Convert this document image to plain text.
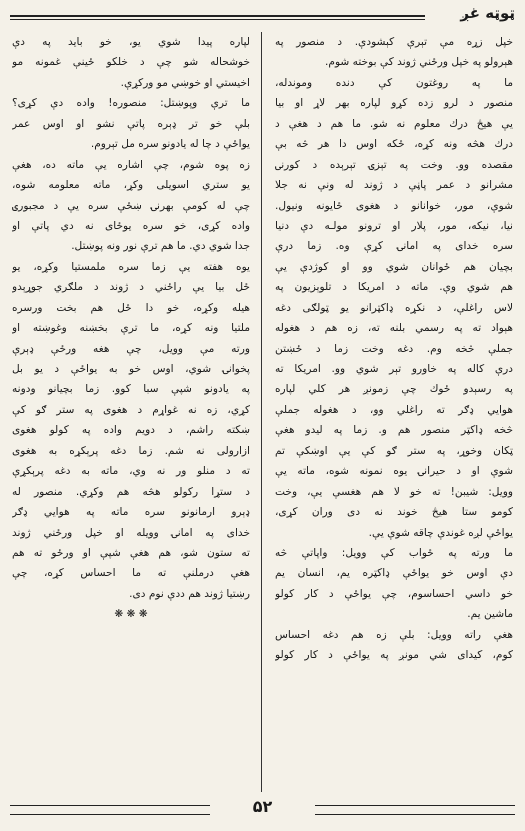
ټوټه غږ
خپل زړه مې تېرې كېشودې. د منصور په
هېرولو په خپل ورځني ژوند كې بوخته شوم.
ما په روغتون كې دنده وموندله،
منصور د لرو زده كړو لپاره بهر لاړ او بيا
يې هيڅ درك معلوم نه شو. ما هم د هغې د
درك هڅه ونه كړه، ځكه اوس دا هر څه بې
مقصده وو. وخت په تېزۍ تېرېده د كورنۍ
مشرانو د عمر پاڼې د ژوند له ونې نه جلا
شوې، مور، خوانانو د هغوى ځايونه ونيول.
نيا، نيكه، مور، پلار او ترونو مولـه دې دنيا
سره خداى په امانۍ كړې وه. زما درې
بچيان هم ځوانان شوي وو او كوژدې يې
هم شوي وې. ماته د امريكا د تلوېزيون په
لاس راغلې، د نكړه ډاكټرانو يو ټولګى دغه
هېواد ته په رسمي بلنه ته، زه هم د هغوله
جملې څخه وم. دغه وخت زما د ځښتن
درې كاله په خاورو تېر شوي وو. امريكا ته
په رسېدو ځوك چې زمونږ هر كلي لپاره
هوايي ډګر ته راغلي وو، د هغوله جملې
څخه ډاكټر منصور هم و. زما په ليدو هغې
ټكان وخوړ، په ستر ګو كې يې اوښكې تم
شوې او د حيرانۍ يوه نمونه شوه، ماته يې
وويل: شيبن! ته خو لا هم هغسې يې، وخت
كومو ستا هيڅ خوند نه دى وران كړى،
يواځې لږه غوندې چاقه شوې يې.
ما ورته په ځواب كې وويل: واپاتې څه
دې اوس خو يواځې ډاكټره يم، انسان يم
خو داسي احساسوم، چې يواځې د كار كولو
ماشين يم.
هغې راته وويل: بلې زه هم دغه احساس
كوم، كيداى شي مونږ په يواځې د كار كولو
لپاره پيدا شوي يو، خو بايد په دې
خوشحاله شو چې د خلكو ځينې غمونه مو
اخيستي او خوښي مو وركړې.
ما ترې وپوښتل: منصوره! واده دې كړى؟
بلې خو تر ډېره پاتې نشو او اوس عمر
يواځې د چا له يادونو سره مل تېروم.
زه پوه شوم، چې اشاره يې ماته ده، هغې
يو ستري اسويلى وكړ، ماته معلومه شوه،
چې له كومې بهرنۍ ښځې سره يې د مجبورۍ
واده كړى، خو سره يوځاى نه دي پاتې او
جدا شوي دي. ما هم ترې نور ونه پوښتل.
يوه هفته يې زما سره ملمستيا وكړه، يو
ځل بيا يې راځني د ژوند د ملګري جوړېدو
هيله وكړه، خو دا ځل هم بخت ورسره
ملتيا ونه كړه، ما ترې بخښنه وغوښته او
ورته مې وويل، چې هغه ورځې ډېرې
پخوانۍ شوي، اوس خو به يواځې د يو بل
په يادونو شپې سبا كوو. زما بچيانو ودونه
كړي، زه نه غواړم د هغوى په ستر ګو كې
ښكته راشم، د دويم واده په كولو هغوى
ازارولى نه شم. زما دغه پرېكړه به هغوى
ته د منلو ور نه وي، ماته به دغه پرېكړې
د ستړا ركولو هڅه هم وكړي. منصور له
ډېرو ارمانونو سره ماته په هوايي ډګر
خداى په امانۍ وويله او خپل ورځني ژوند
ته ستون شو، هم هغې شپې او ورځو ته هم
هغې درملنې ته ما احساس كړه، چې
رښتيا ژوند هم ددې نوم دى.
❋ ❋ ❋
۵۲
